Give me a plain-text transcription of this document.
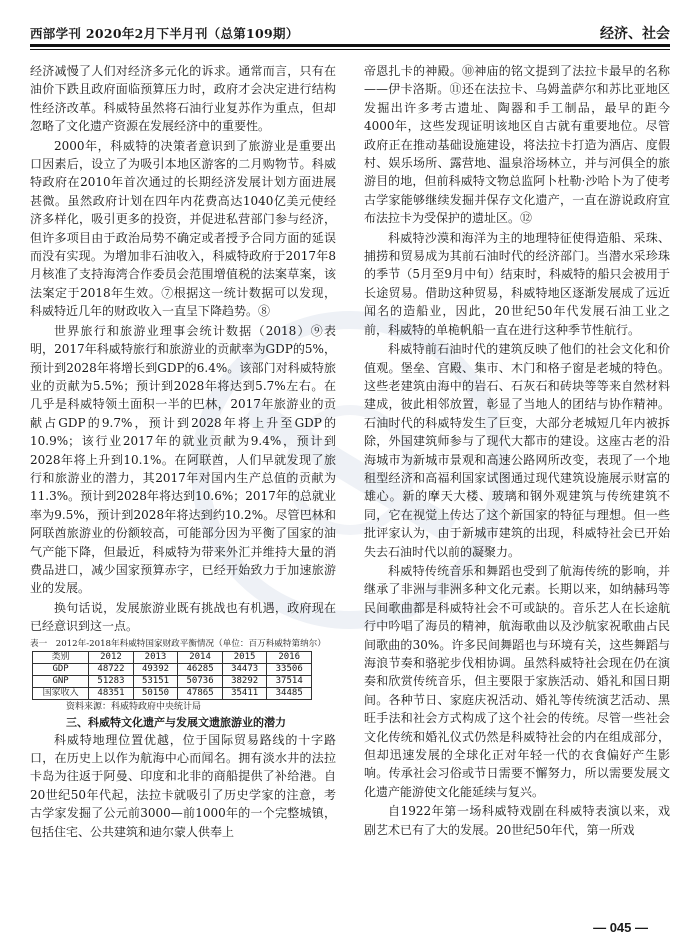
西部学刊 2020年2月下半月刊（总第109期）	经济、社会

经济减慢了人们对经济多元化的诉求。通常而言，只有在油价下跌且政府面临预算压力时，政府才会决定进行结构性经济改革。科威特虽然将石油行业复苏作为重点，但却忽略了文化遗产资源在发展经济中的重要性。

2000年，科威特的决策者意识到了旅游业是重要出口因素后，设立了为吸引本地区游客的二月购物节。科威特政府在2010年首次通过的长期经济发展计划方面进展甚微。虽然政府计划在四年内花费高达1040亿美元使经济多样化，吸引更多的投资，并促进私营部门参与经济，但许多项目由于政治局势不确定或者授予合同方面的延误而没有实现。为增加非石油收入，科威特政府于2017年8月核准了支持海湾合作委员会范围增值税的法案草案，该法案定于2018年生效。⑦根据这一统计数据可以发现，科威特近几年的财政收入一直呈下降趋势。⑧

世界旅行和旅游业理事会统计数据（2018）⑨表明，2017年科威特旅行和旅游业的贡献率为GDP的5%，预计到2028年将增长到GDP的6.4%。该部门对科威特旅业的贡献为5.5%；预计到2028年将达到5.7%左右。在几乎是科威特领土面积一半的巴林，2017年旅游业的贡献占GDP的9.7%，预计到2028年将上升至GDP的10.9%；该行业2017年的就业贡献为9.4%，预计到2028年将上升到10.1%。在阿联酋，人们早就发现了旅行和旅游业的潜力，其2017年对国内生产总值的贡献为11.3%。预计到2028年将达到10.6%；2017年的总就业率为9.5%，预计到2028年将达到约10.2%。尽管巴林和阿联酋旅游业的份额较高，可能部分因为平衡了国家的油气产能下降，但最近，科威特为带来外汇并维持大量的消费品进口，减少国家预算赤字，已经开始致力于加速旅游业的发展。

换句话说，发展旅游业既有挑战也有机遇，政府现在已经意识到这一点。

表一　2012年-2018年科威特国家财政平衡情况（单位：百万科威特第纳尔）
类别	2012	2013	2014	2015	2016
GDP	48722	49392	46285	34473	33506
GNP	51283	53151	50736	38292	37514
国家收入	48351	50150	47865	35411	34485
资料来源：科威特政府中央统计局
三、科威特文化遗产与发展文遗旅游业的潜力

科威特地理位置优越，位于国际贸易路线的十字路口，在历史上以作为航海中心而闻名。拥有淡水井的法拉卡岛为往返于阿曼、印度和北非的商船提供了补给港。自20世纪50年代起，法拉卡就吸引了历史学家的注意，考古学家发掘了公元前3000—前1000年的一个完整城镇，包括住宅、公共建筑和迪尔蒙人供奉上

帝恩扎卡的神殿。⑩神庙的铭文提到了法拉卡最早的名称——伊卡洛斯。⑪还在法拉卡、乌姆盖萨尔和苏比亚地区发掘出许多考古遗址、陶器和手工制品，最早的距今4000年，这些发现证明该地区自古就有重要地位。尽管政府正在推动基础设施建设，将法拉卡打造为酒店、度假村、娱乐场所、露营地、温泉浴场林立，并与河俱全的旅游目的地，但前科威特文物总监阿卜杜勒·沙哈卜为了使考古学家能够继续发掘并保存文化遗产，一直在游说政府宣布法拉卡为受保护的遗址区。⑫

科威特沙漠和海洋为主的地理特征使得造船、采珠、捕捞和贸易成为其前石油时代的经济部门。当潜水采珍珠的季节（5月至9月中旬）结束时，科威特的船只会被用于长途贸易。借助这种贸易，科威特地区逐渐发展成了远近闻名的造船业，因此，20世纪50年代发展石油工业之前，科威特的单桅帆船一直在进行这种季节性航行。

科威特前石油时代的建筑反映了他们的社会文化和价值观。堡垒、宫殿、集市、木门和格子窗是老城的特色。这些老建筑由海中的岩石、石灰石和砖块等等来自然材料建成，彼此相邻放置，彰显了当地人的团结与协作精神。石油时代的科威特发生了巨变，大部分老城短几年内被拆除，外国建筑师参与了现代大都市的建设。这座古老的沿海城市为新城市景观和高速公路网所改变，表现了一个地租型经济和高福利国家试图通过现代建筑设施展示财富的雄心。新的摩天大楼、玻璃和钢外观建筑与传统建筑不同，它在视觉上传达了这个新国家的特征与理想。但一些批评家认为，由于新城市建筑的出现，科威特社会已开始失去石油时代以前的凝聚力。

科威特传统音乐和舞蹈也受到了航海传统的影响，并继承了非洲与非洲多种文化元素。长期以来，如纳赫玛等民间歌曲都是科威特社会不可或缺的。音乐艺人在长途航行中吟唱了海员的精神，航海歌曲以及沙航家祝歌曲占民间歌曲的30%。许多民间舞蹈也与环境有关，这些舞蹈与海浪节奏和骆驼步伐相协调。虽然科威特社会现在仍在演奏和欣赏传统音乐，但主要限于家族活动、婚礼和国日期间。各种节日、家庭庆祝活动、婚礼等传统演艺活动、黑旺手法和社会方式构成了这个社会的传统。尽管一些社会文化传统和婚礼仪式仍然是科威特社会的内在组成部分，但却迅速发展的全球化正对年轻一代的衣食偏好产生影响。传承社会习俗或节日需要不懈努力，所以需要发展文化遗产能游使文化能延续与复兴。

自1922年第一场科威特戏剧在科威特表演以来，戏剧艺术已有了大的发展。20世纪50年代，第一所戏

— 045 —
